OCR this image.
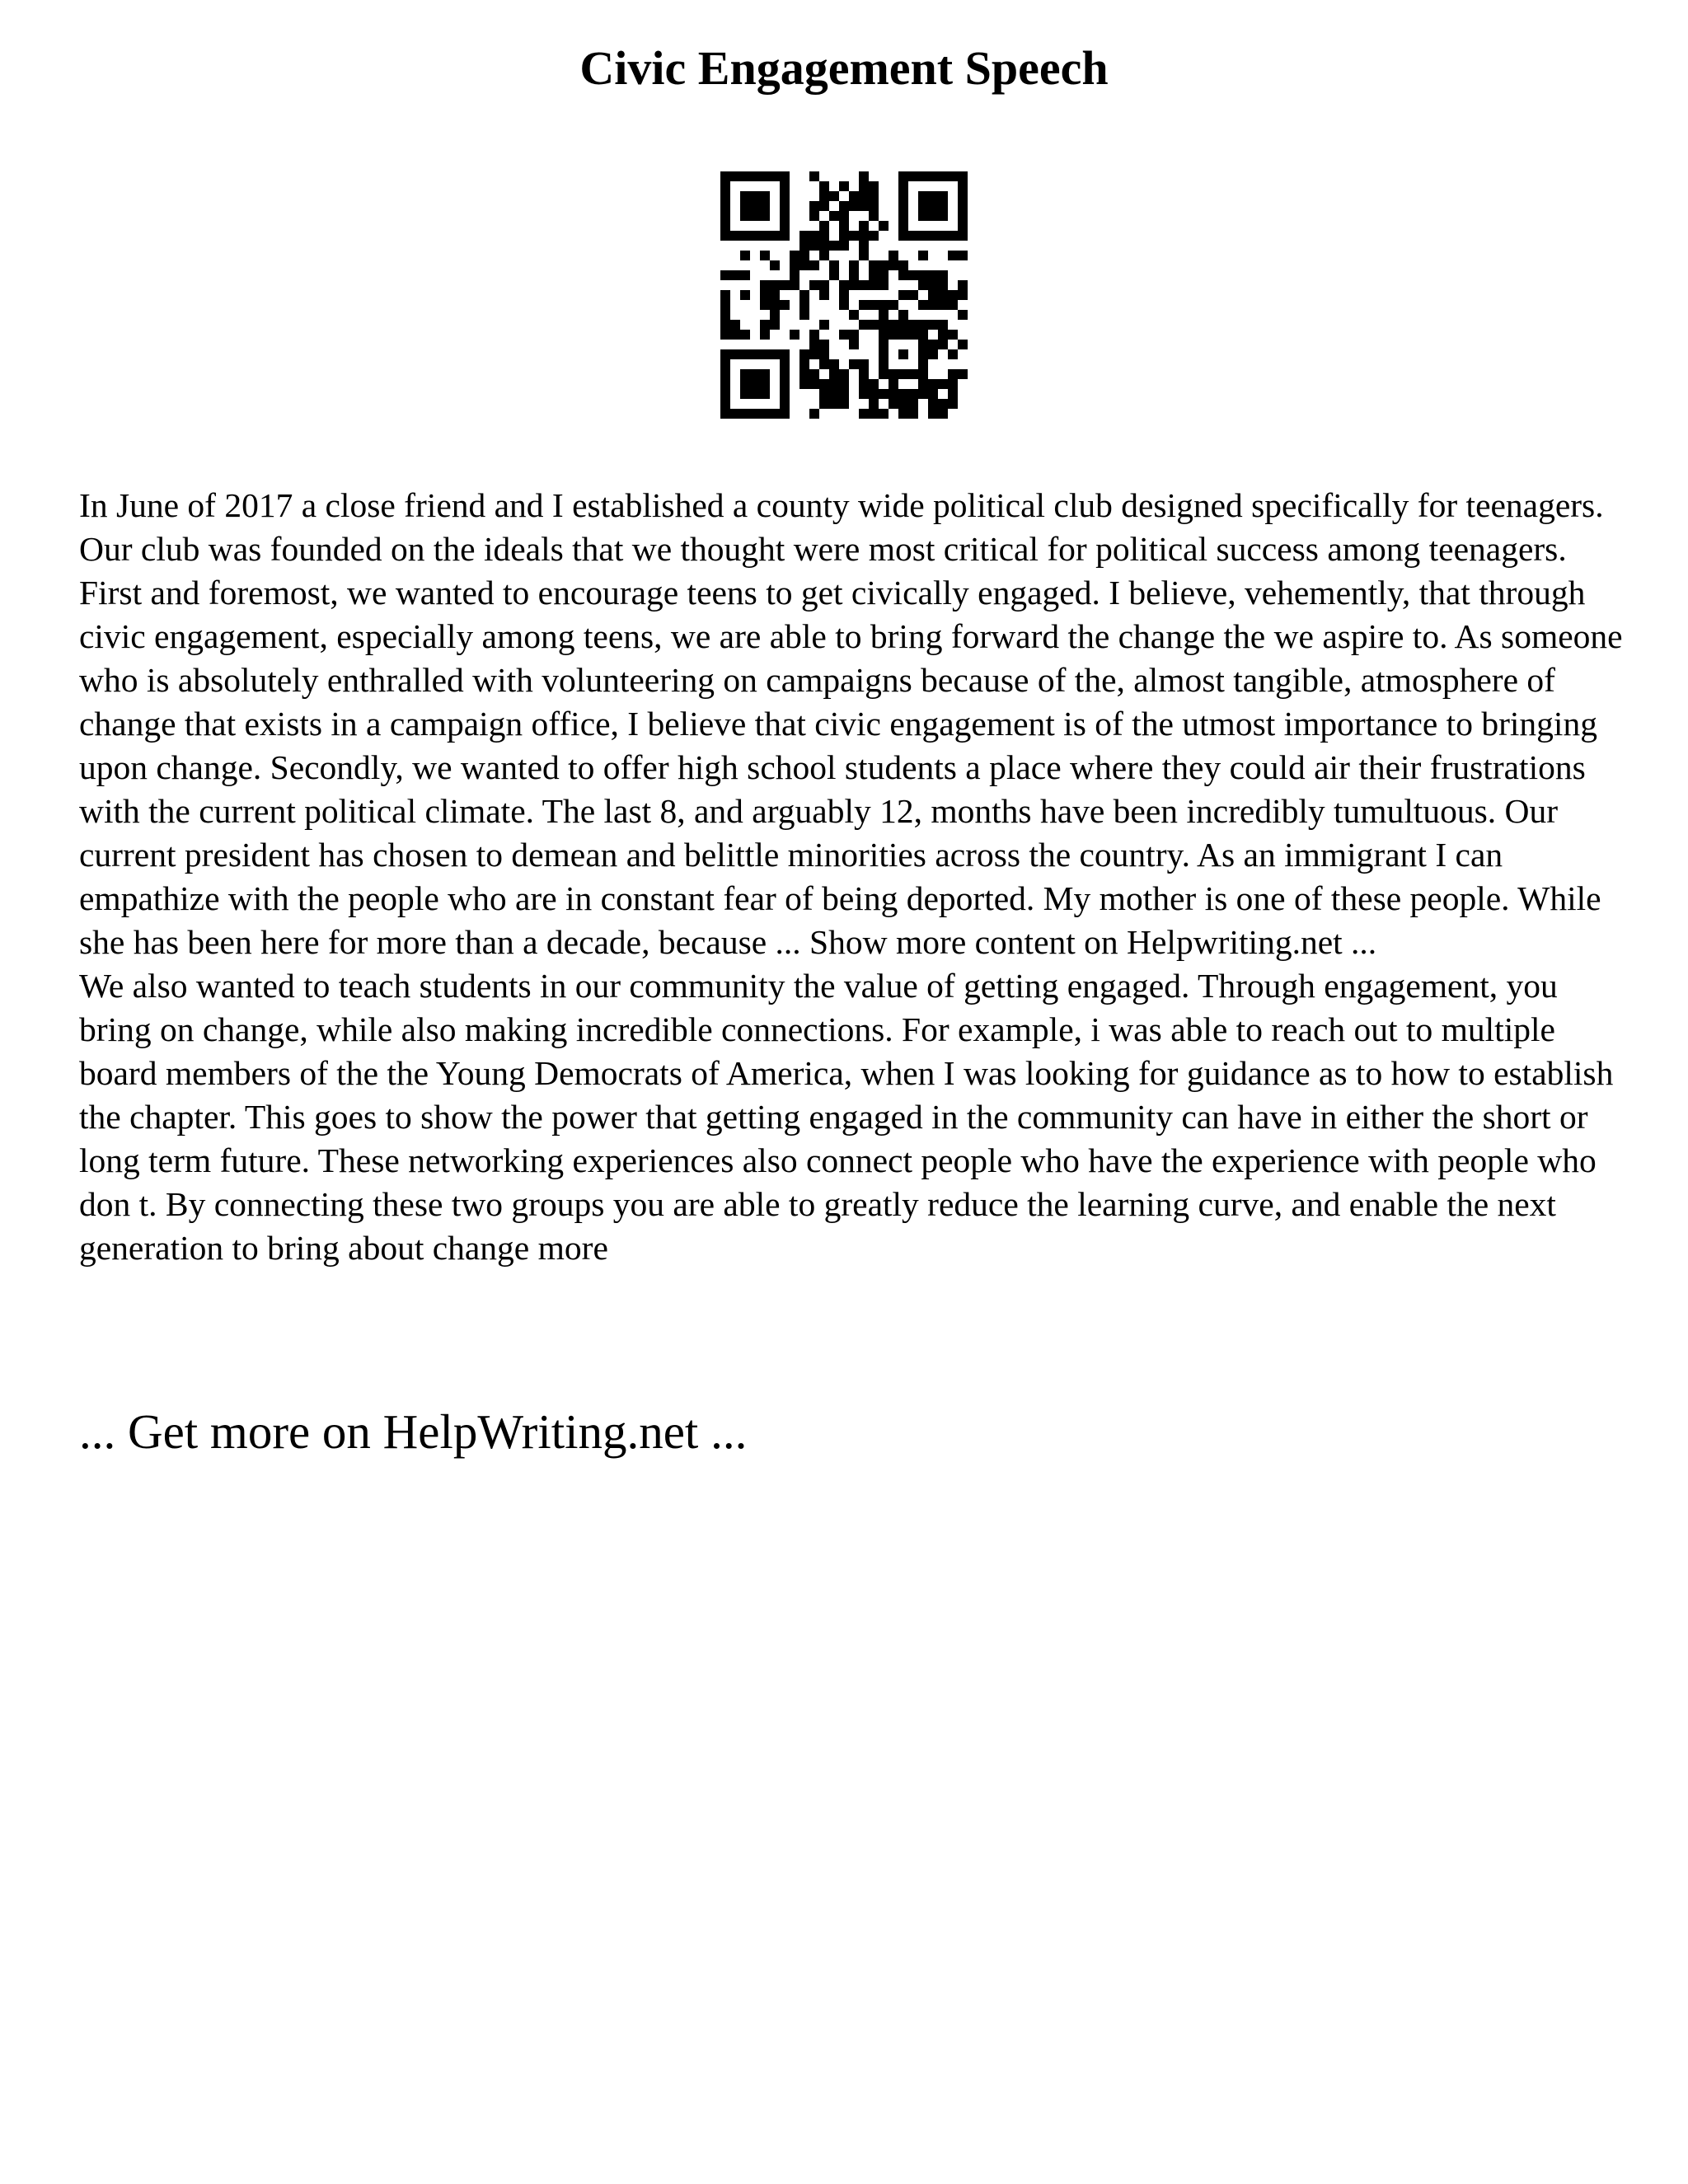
Civic Engagement Speech

In June of 2017 a close friend and I established a county wide political club designed specifically for teenagers. Our club was founded on the ideals that we thought were most critical for political success among teenagers. First and foremost, we wanted to encourage teens to get civically engaged. I believe, vehemently, that through civic engagement, especially among teens, we are able to bring forward the change the we aspire to. As someone who is absolutely enthralled with volunteering on campaigns because of the, almost tangible, atmosphere of change that exists in a campaign office, I believe that civic engagement is of the utmost importance to bringing upon change. Secondly, we wanted to offer high school students a place where they could air their frustrations with the current political climate. The last 8, and arguably 12, months have been incredibly tumultuous. Our current president has chosen to demean and belittle minorities across the country. As an immigrant I can empathize with the people who are in constant fear of being deported. My mother is one of these people. While she has been here for more than a decade, because ... Show more content on Helpwriting.net ...

We also wanted to teach students in our community the value of getting engaged. Through engagement, you bring on change, while also making incredible connections. For example, i was able to reach out to multiple board members of the the Young Democrats of America, when I was looking for guidance as to how to establish the chapter. This goes to show the power that getting engaged in the community can have in either the short or long term future. These networking experiences also connect people who have the experience with people who don t. By connecting these two groups you are able to greatly reduce the learning curve, and enable the next generation to bring about change more

... Get more on HelpWriting.net ...
